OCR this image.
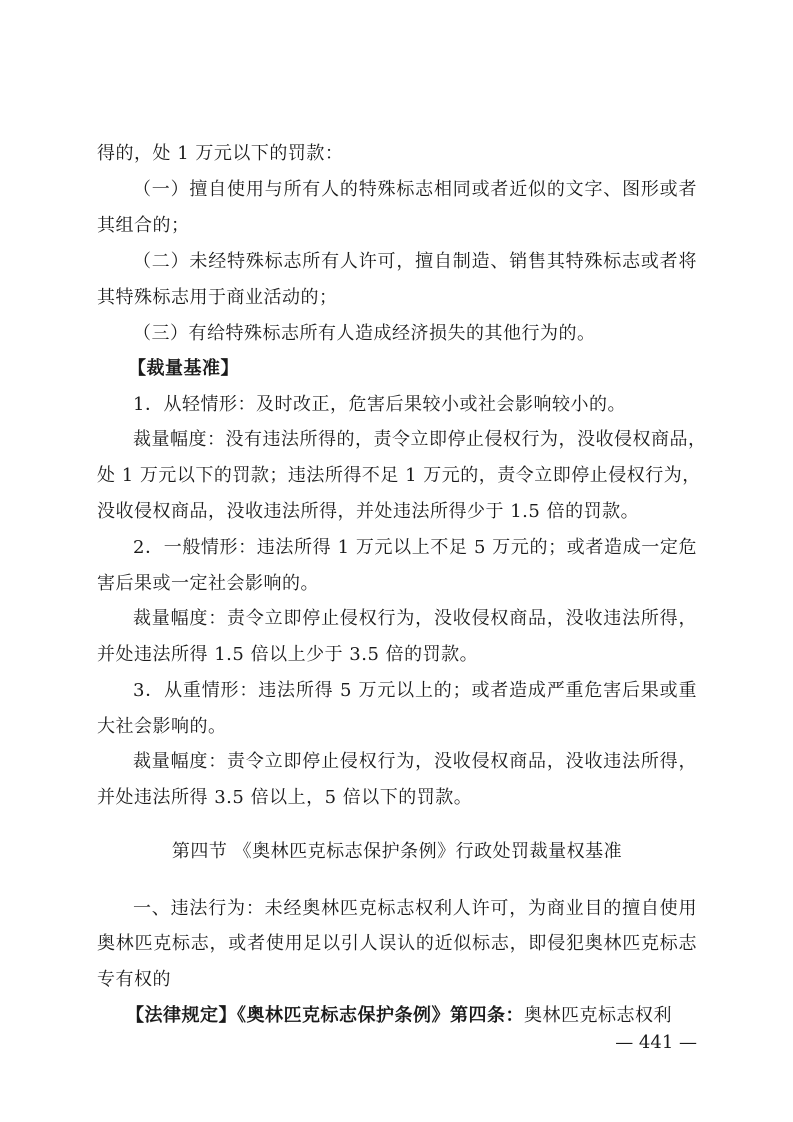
得的，处 1 万元以下的罚款：
（一）擅自使用与所有人的特殊标志相同或者近似的文字、图形或者
其组合的；
（二）未经特殊标志所有人许可，擅自制造、销售其特殊标志或者将
其特殊标志用于商业活动的；
（三）有给特殊标志所有人造成经济损失的其他行为的。
【裁量基准】
1．从轻情形：及时改正，危害后果较小或社会影响较小的。
裁量幅度：没有违法所得的，责令立即停止侵权行为，没收侵权商品，
处 1 万元以下的罚款；违法所得不足 1 万元的，责令立即停止侵权行为，
没收侵权商品，没收违法所得，并处违法所得少于 1.5 倍的罚款。
2．一般情形：违法所得 1 万元以上不足 5 万元的；或者造成一定危
害后果或一定社会影响的。
裁量幅度：责令立即停止侵权行为，没收侵权商品，没收违法所得，
并处违法所得 1.5 倍以上少于 3.5 倍的罚款。
3．从重情形：违法所得 5 万元以上的；或者造成严重危害后果或重
大社会影响的。
裁量幅度：责令立即停止侵权行为，没收侵权商品，没收违法所得，
并处违法所得 3.5 倍以上，5 倍以下的罚款。
第四节 《奥林匹克标志保护条例》行政处罚裁量权基准
一、违法行为：未经奥林匹克标志权利人许可，为商业目的擅自使用
奥林匹克标志，或者使用足以引人误认的近似标志，即侵犯奥林匹克标志
专有权的
【法律规定】《奥林匹克标志保护条例》第四条：奥林匹克标志权利
— 441 —
